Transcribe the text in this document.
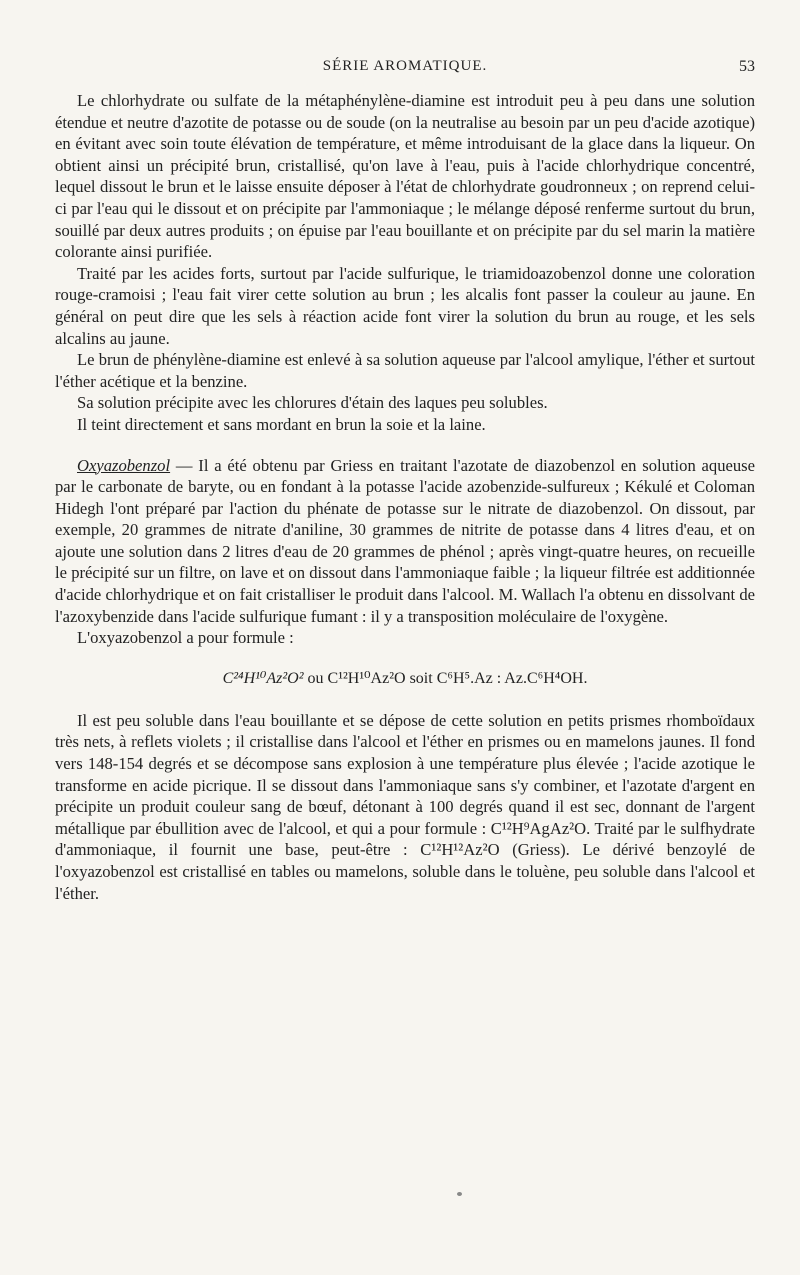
SÉRIE AROMATIQUE.	53

Le chlorhydrate ou sulfate de la métaphénylène-diamine est introduit peu à peu dans une solution étendue et neutre d'azotite de potasse ou de soude (on la neutralise au besoin par un peu d'acide azotique) en évitant avec soin toute élévation de température, et même introduisant de la glace dans la liqueur. On obtient ainsi un précipité brun, cristallisé, qu'on lave à l'eau, puis à l'acide chlorhydrique concentré, lequel dissout le brun et le laisse ensuite déposer à l'état de chlorhydrate goudronneux ; on reprend celui-ci par l'eau qui le dissout et on précipite par l'ammoniaque ; le mélange déposé renferme surtout du brun, souillé par deux autres produits ; on épuise par l'eau bouillante et on précipite par du sel marin la matière colorante ainsi purifiée.

Traité par les acides forts, surtout par l'acide sulfurique, le triamidoazobenzol donne une coloration rouge-cramoisi ; l'eau fait virer cette solution au brun ; les alcalis font passer la couleur au jaune. En général on peut dire que les sels à réaction acide font virer la solution du brun au rouge, et les sels alcalins au jaune.

Le brun de phénylène-diamine est enlevé à sa solution aqueuse par l'alcool amylique, l'éther et surtout l'éther acétique et la benzine.

Sa solution précipite avec les chlorures d'étain des laques peu solubles.

Il teint directement et sans mordant en brun la soie et la laine.

Oxyazobenzol — Il a été obtenu par Griess en traitant l'azotate de diazobenzol en solution aqueuse par le carbonate de baryte, ou en fondant à la potasse l'acide azobenzide-sulfureux ; Kékulé et Coloman Hidegh l'ont préparé par l'action du phénate de potasse sur le nitrate de diazobenzol. On dissout, par exemple, 20 grammes de nitrate d'aniline, 30 grammes de nitrite de potasse dans 4 litres d'eau, et on ajoute une solution dans 2 litres d'eau de 20 grammes de phénol ; après vingt-quatre heures, on recueille le précipité sur un filtre, on lave et on dissout dans l'ammoniaque faible ; la liqueur filtrée est additionnée d'acide chlorhydrique et on fait cristalliser le produit dans l'alcool. M. Wallach l'a obtenu en dissolvant de l'azoxybenzide dans l'acide sulfurique fumant : il y a transposition moléculaire de l'oxygène.

L'oxyazobenzol a pour formule :

C²⁴H¹⁰Az²O² ou C¹²H¹⁰Az²O soit C⁶H⁵.Az : Az.C⁶H⁴OH.

Il est peu soluble dans l'eau bouillante et se dépose de cette solution en petits prismes rhomboïdaux très nets, à reflets violets ; il cristallise dans l'alcool et l'éther en prismes ou en mamelons jaunes. Il fond vers 148-154 degrés et se décompose sans explosion à une température plus élevée ; l'acide azotique le transforme en acide picrique. Il se dissout dans l'ammoniaque sans s'y combiner, et l'azotate d'argent en précipite un produit couleur sang de bœuf, détonant à 100 degrés quand il est sec, donnant de l'argent métallique par ébullition avec de l'alcool, et qui a pour formule : C¹²H⁹AgAz²O. Traité par le sulfhydrate d'ammoniaque, il fournit une base, peut-être : C¹²H¹²Az²O (Griess). Le dérivé benzoylé de l'oxyazobenzol est cristallisé en tables ou mamelons, soluble dans le toluène, peu soluble dans l'alcool et l'éther.
